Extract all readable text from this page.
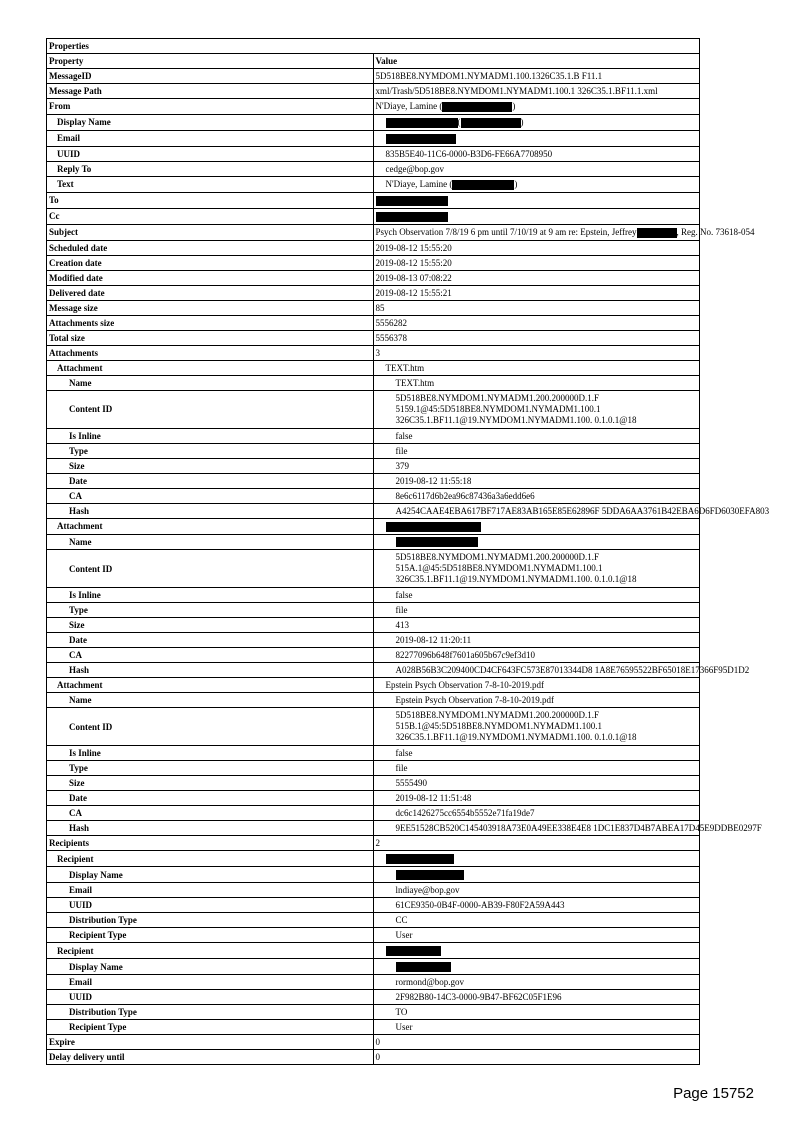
Properties	
Property	Value
MessageID	5D518BE8.NYMDOM1.NYMADM1.100.1326C35.1.B F11.1
Message Path	xml/Trash/5D518BE8.NYMDOM1.NYMADM1.100.1 326C35.1.BF11.1.xml
From	N'Diaye, Lamine ( )
Display Name	( )
Email	
UUID	835B5E40-11C6-0000-B3D6-FE66A7708950
Reply To	cedge@bop.gov
Text	N'Diaye, Lamine ( )
To	
Cc	
Subject	Psych Observation 7/8/19 6 pm until 7/10/19 at 9 am re: Epstein, Jeffrey , Reg. No. 73618-054
Scheduled date	2019-08-12 15:55:20
Creation date	2019-08-12 15:55:20
Modified date	2019-08-13 07:08:22
Delivered date	2019-08-12 15:55:21
Message size	85
Attachments size	5556282
Total size	5556378
Attachments	3
Attachment	TEXT.htm
Name	TEXT.htm
Content ID	5D518BE8.NYMDOM1.NYMADM1.200.200000D.1.F
5159.1@45:5D518BE8.NYMDOM1.NYMADM1.100.1
326C35.1.BF11.1@19.NYMDOM1.NYMADM1.100. 0.1.0.1@18

Is Inline	false
Type	file
Size	379
Date	2019-08-12 11:55:18
CA	8e6c6117d6b2ea96c87436a3a6edd6e6
Hash	A4254CAAE4EBA617BF717AE83AB165E85E62896F 5DDA6AA3761B42EBA6D6FD6030EFA803
Attachment	
Name	
Content ID	5D518BE8.NYMDOM1.NYMADM1.200.200000D.1.F
515A.1@45:5D518BE8.NYMDOM1.NYMADM1.100.1
326C35.1.BF11.1@19.NYMDOM1.NYMADM1.100. 0.1.0.1@18

Is Inline	false
Type	file
Size	413
Date	2019-08-12 11:20:11
CA	82277096b648f7601a605b67c9ef3d10
Hash	A028B56B3C209400CD4CF643FC573E87013344D8 1A8E76595522BF65018E17366F95D1D2
Attachment	Epstein Psych Observation 7-8-10-2019.pdf
Name	Epstein Psych Observation 7-8-10-2019.pdf
Content ID	5D518BE8.NYMDOM1.NYMADM1.200.200000D.1.F
515B.1@45:5D518BE8.NYMDOM1.NYMADM1.100.1
326C35.1.BF11.1@19.NYMDOM1.NYMADM1.100. 0.1.0.1@18

Is Inline	false
Type	file
Size	5555490
Date	2019-08-12 11:51:48
CA	dc6c1426275cc6554b5552e71fa19de7
Hash	9EE51528CB520C145403918A73E0A49EE338E4E8 1DC1E837D4B7ABEA17D45E9DDBE0297F
Recipients	2
Recipient	
Display Name	
Email	lndiaye@bop.gov
UUID	61CE9350-0B4F-0000-AB39-F80F2A59A443
Distribution Type	CC
Recipient Type	User
Recipient	
Display Name	
Email	rormond@bop.gov
UUID	2F982B80-14C3-0000-9B47-BF62C05F1E96
Distribution Type	TO
Recipient Type	User
Expire	0
Delay delivery until	0
Page 15752
